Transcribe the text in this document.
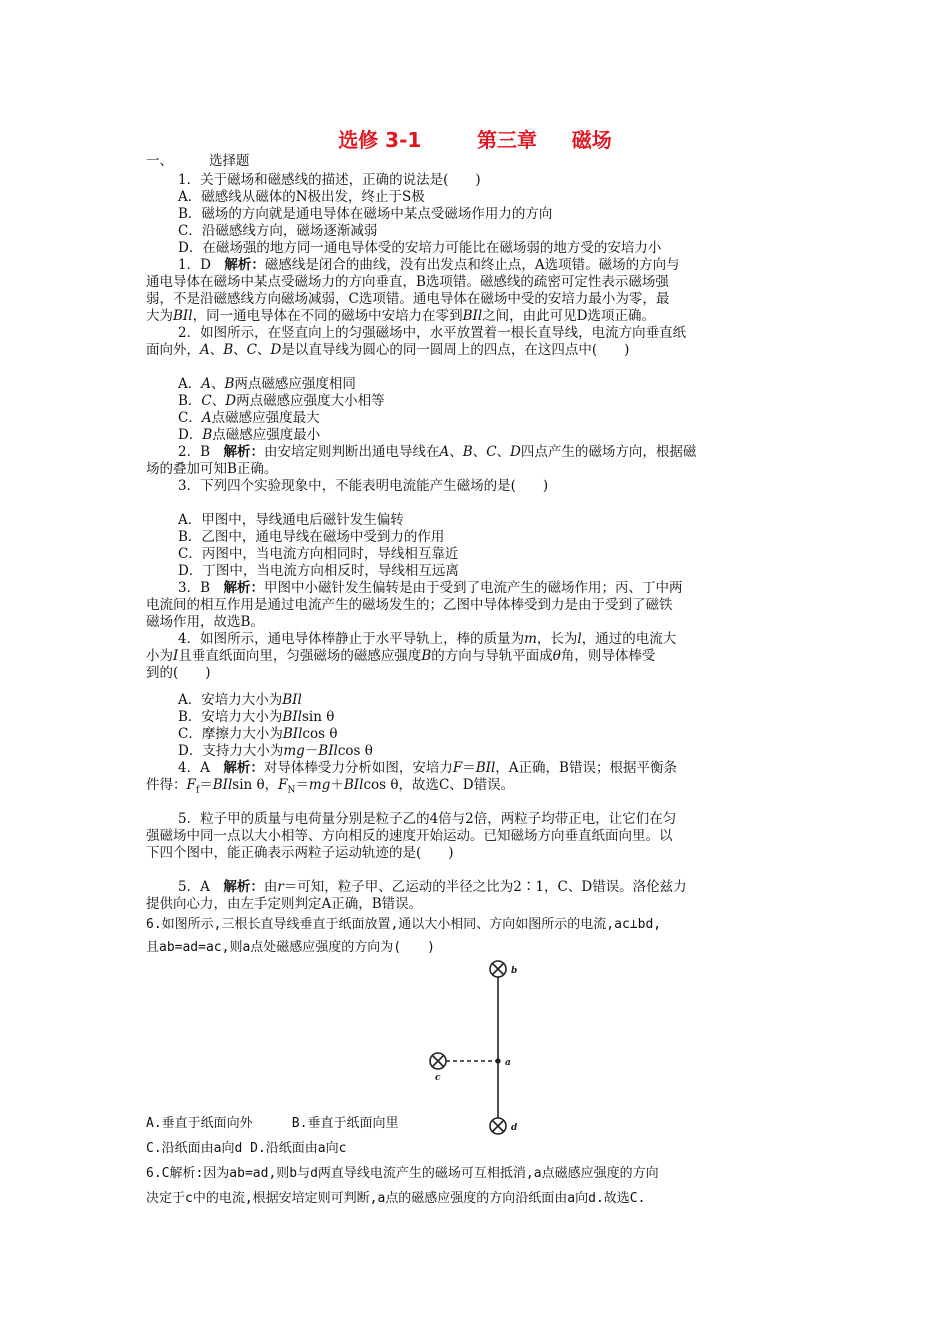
选修 3-1        第三章     磁场
一、	选择题
1．关于磁场和磁感线的描述，正确的说法是(　　)
A．磁感线从磁体的N极出发，终止于S极
B．磁场的方向就是通电导体在磁场中某点受磁场作用力的方向
C．沿磁感线方向，磁场逐渐减弱
D．在磁场强的地方同一通电导体受的安培力可能比在磁场弱的地方受的安培力小
1．D　解析：磁感线是闭合的曲线，没有出发点和终止点，A选项错。磁场的方向与
通电导体在磁场中某点受磁场力的方向垂直，B选项错。磁感线的疏密可定性表示磁场强
弱，不是沿磁感线方向磁场减弱，C选项错。通电导体在磁场中受的安培力最小为零，最
大为BIl，同一通电导体在不同的磁场中安培力在零到BIl之间，由此可见D选项正确。
2．如图所示，在竖直向上的匀强磁场中，水平放置着一根长直导线，电流方向垂直纸
面向外，A、B、C、D是以直导线为圆心的同一圆周上的四点，在这四点中(　　)
A．A、B两点磁感应强度相同
B．C、D两点磁感应强度大小相等
C．A点磁感应强度最大
D．B点磁感应强度最小
2．B　解析：由安培定则判断出通电导线在A、B、C、D四点产生的磁场方向，根据磁
场的叠加可知B正确。
3．下列四个实验现象中，不能表明电流能产生磁场的是(　　)
A．甲图中，导线通电后磁针发生偏转
B．乙图中，通电导线在磁场中受到力的作用
C．丙图中，当电流方向相同时，导线相互靠近
D．丁图中，当电流方向相反时，导线相互远离
3．B　解析：甲图中小磁针发生偏转是由于受到了电流产生的磁场作用；丙、丁中两
电流间的相互作用是通过电流产生的磁场发生的；乙图中导体棒受到力是由于受到了磁铁
磁场作用，故选B。
4．如图所示，通电导体棒静止于水平导轨上，棒的质量为m，长为l，通过的电流大
小为I且垂直纸面向里，匀强磁场的磁感应强度B的方向与导轨平面成θ角，则导体棒受
到的(　　)
A．安培力大小为BIl
B．安培力大小为BIlsin θ
C．摩擦力大小为BIlcos θ
D．支持力大小为mg－BIlcos θ
4．A　解析：对导体棒受力分析如图，安培力F＝BIl，A正确，B错误；根据平衡条
件得：$F_f=BIlsin$ θ，$F_N=mg+BIlcos$ θ，故选C、D错误。
5．粒子甲的质量与电荷量分别是粒子乙的4倍与2倍，两粒子均带正电，让它们在匀
强磁场中同一点以大小相等、方向相反的速度开始运动。已知磁场方向垂直纸面向里。以
下四个图中，能正确表示两粒子运动轨迹的是(　　)
5．A　解析：由r＝可知，粒子甲、乙运动的半径之比为2∶1，C、D错误。洛伦兹力
提供向心力，由左手定则判定A正确，B错误。
6.如图所示,三根长直导线垂直于纸面放置,通以大小相同、方向如图所示的电流,ac⊥bd,
且ab=ad=ac,则a点处磁感应强度的方向为(　　)
b
c
a
d
A.垂直于纸面向外     B.垂直于纸面向里
C.沿纸面由a向d D.沿纸面由a向c
6.C解析:因为ab=ad,则b与d两直导线电流产生的磁场可互相抵消,a点磁感应强度的方向
决定于c中的电流,根据安培定则可判断,a点的磁感应强度的方向沿纸面由a向d.故选C.
